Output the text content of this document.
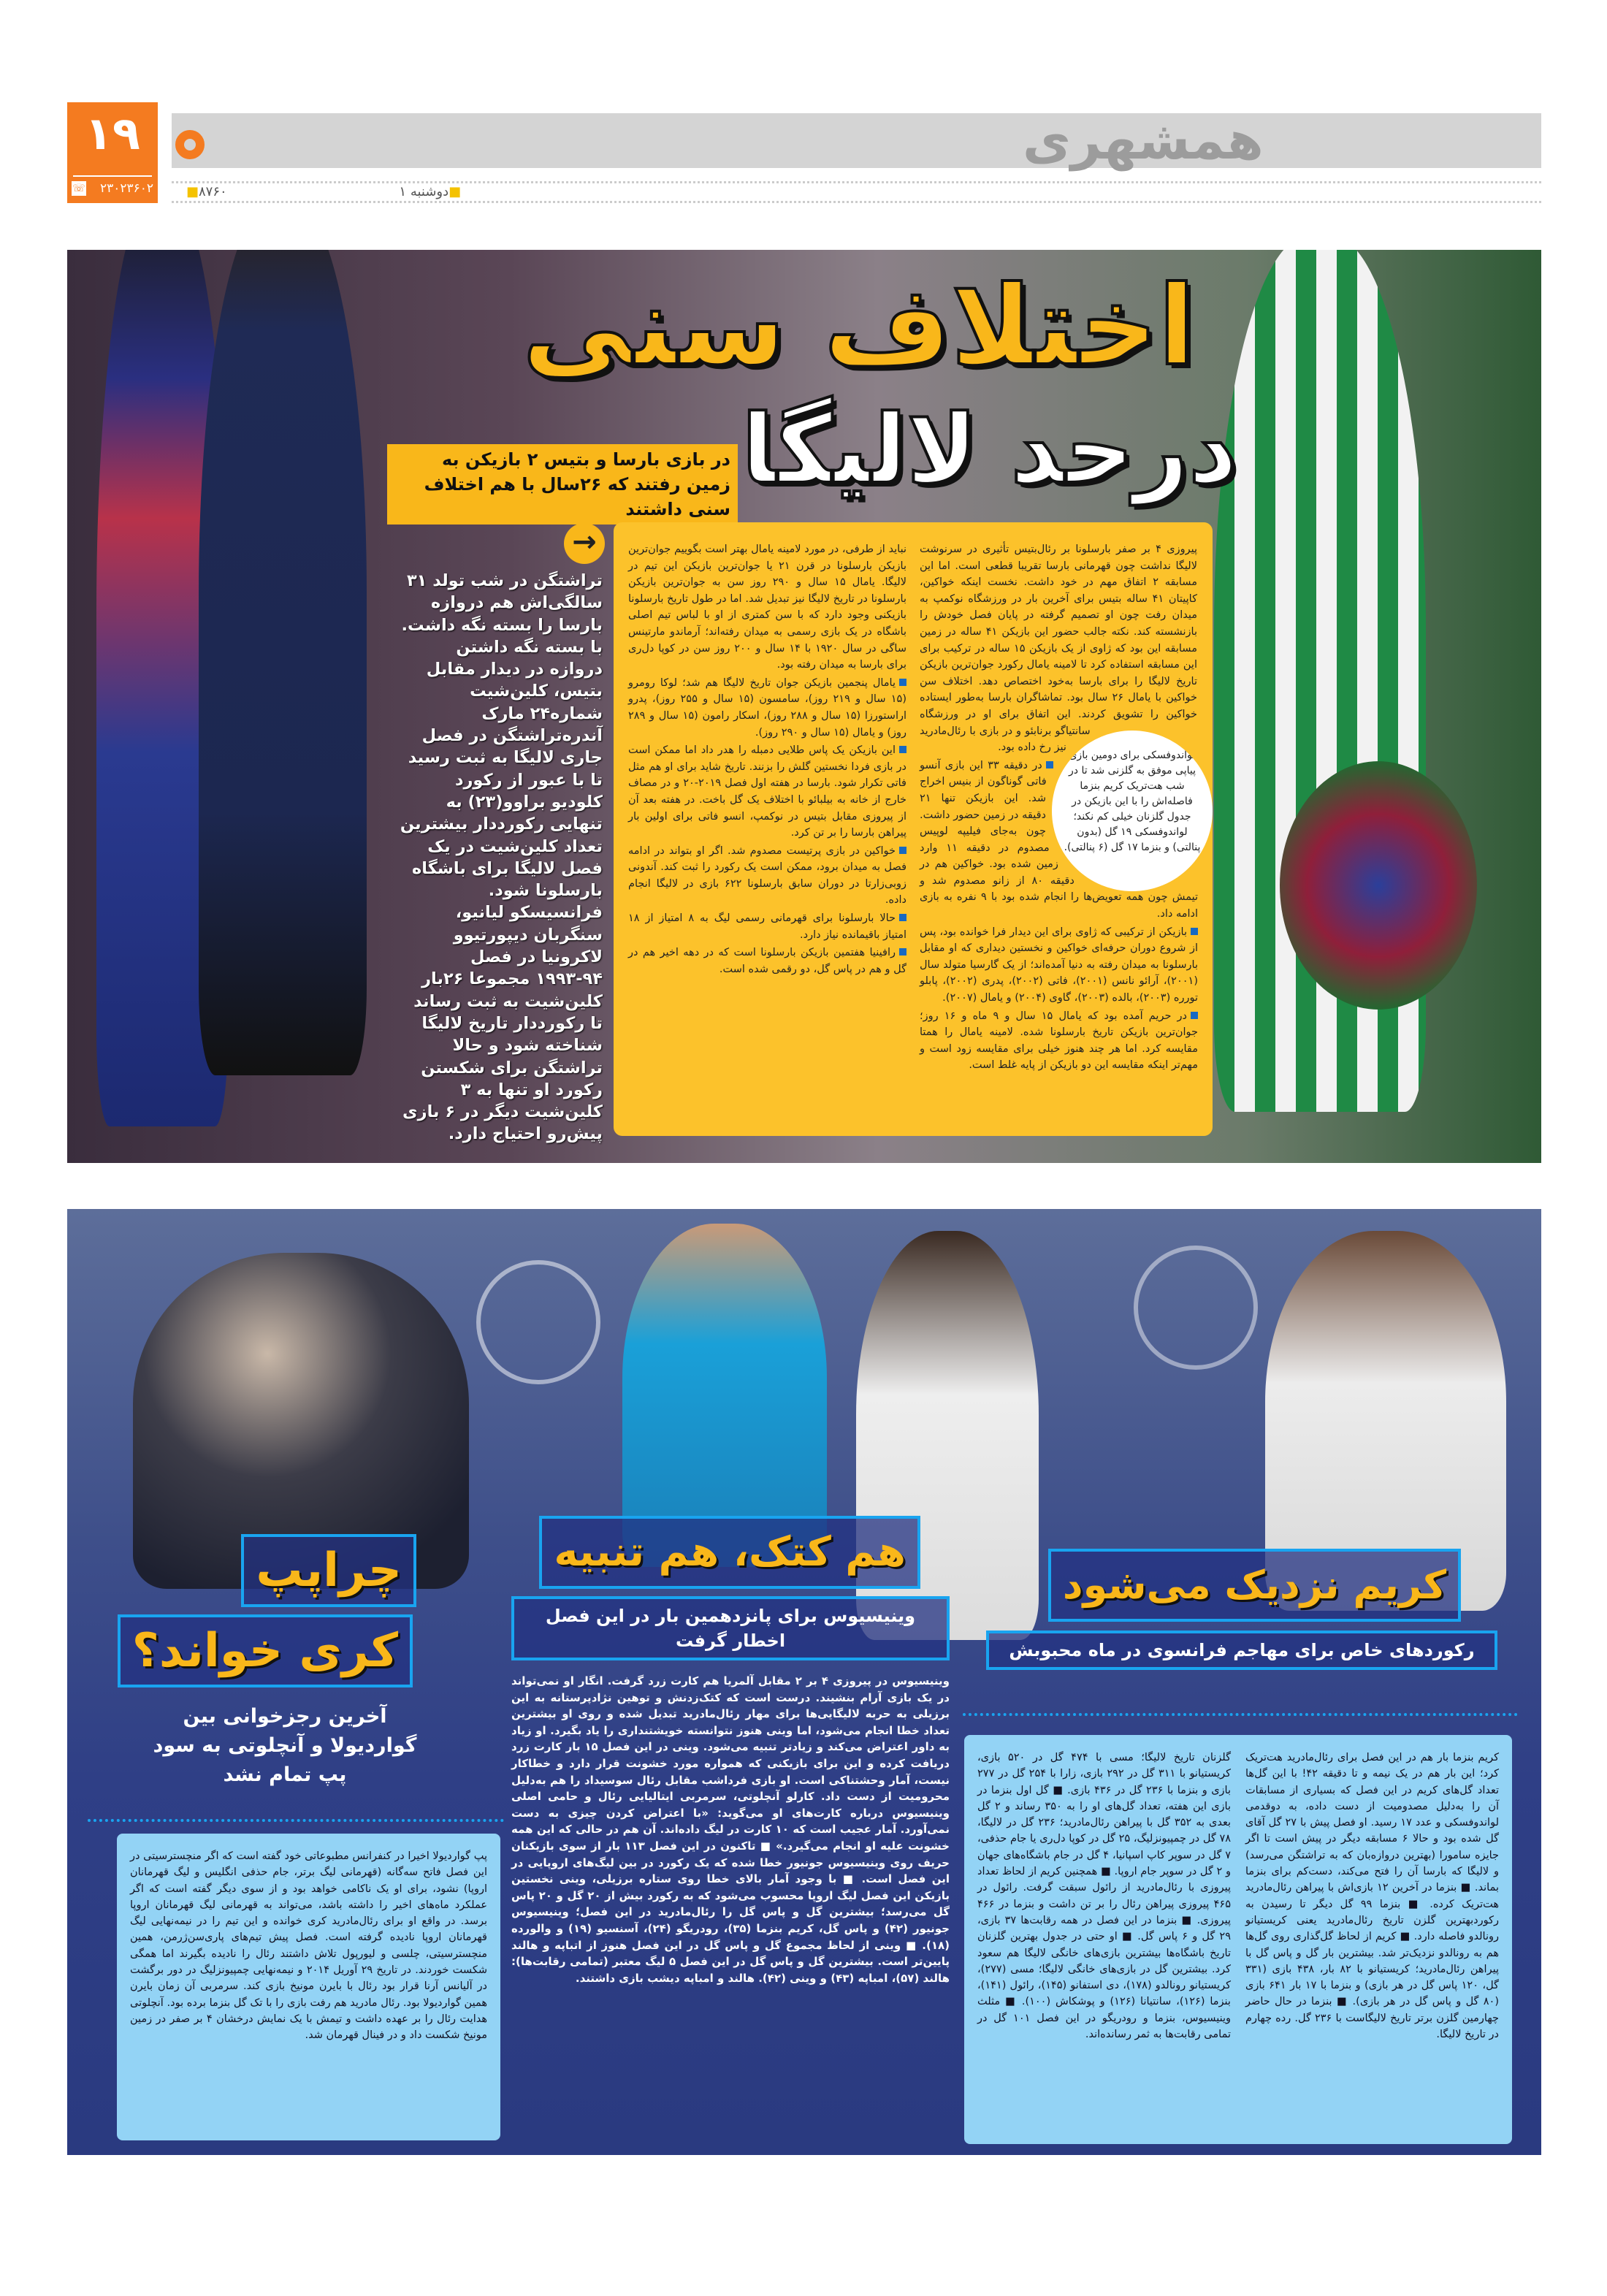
۱۹
☏ ۲۳۰۲۳۶۰۲
همشهری
■۸۷۶۰	دوشنبه ۱■
اختلاف سنی
درحد لالیگا
در بازی بارسا و بتیس ۲ بازیکن به زمین رفتند که ۲۶سال با هم اختلاف سنی داشتند
→
تراشتگن در شب تولد ۳۱ سالگی‌اش هم دروازه بارسا را بسته نگه داشت. با بسته نگه داشتن دروازه در دیدار مقابل بتیس، کلین‌شیت شماره۲۴ مارک آندره‌تراشتگن در فصل جاری لالیگا به ثبت رسید تا با عبور از رکورد کلودیو براوو(۲۳) به تنهایی رکورددار بیشترین تعداد کلین‌شیت در یک فصل لالیگا برای باشگاه بارسلونا شود. فرانسیسکو لیانیو، سنگربان دیپورتیوو لاکرونیا در فصل ۹۴-۱۹۹۳ مجموعا ۲۶بار کلین‌شیت به ثبت رساند تا رکورددار تاریخ لالیگا شناخته شود و حالا تراشتگن برای شکستن رکورد او تنها به ۳ کلین‌شیت دیگر در ۶ بازی پیش‌رو احتیاج دارد.
لواندوفسکی برای دومین بازی پیاپی موفق به گلزنی شد تا در شب هت‌تریک کریم بنزما فاصله‌اش را با این بازیکن در جدول گلزنان خیلی کم نکند؛ لواندوفسکی ۱۹ گل (بدون پنالتی) و بنزما ۱۷ گل (۶ پنالتی).

پیروزی ۴ بر صفر بارسلونا بر رئال‌بتیس تأثیری در سرنوشت لالیگا نداشت چون قهرمانی بارسا تقریبا قطعی است. اما این مسابقه ۲ اتفاق مهم در خود داشت. نخست اینکه خواکین، کاپیتان ۴۱ ساله بتیس برای آخرین بار در ورزشگاه نوکمپ به میدان رفت چون او تصمیم گرفته در پایان فصل خودش را بازنشسته کند. نکته جالب حضور این بازیکن ۴۱ ساله در زمین مسابقه این بود که ژاوی از یک بازیکن ۱۵ ساله در ترکیب برای این مسابقه استفاده کرد تا لامینه یامال رکورد جوان‌ترین بازیکن تاریخ لالیگا را برای بارسا به‌خود اختصاص دهد. اختلاف سن خواکین با یامال ۲۶ سال بود. تماشاگران بارسا به‌طور ایستاده خواکین را تشویق کردند. این اتفاق برای او در ورزشگاه سانتیاگو برنابئو و در بازی با رئال‌مادرید نیز رخ داده بود.

در دقیقه ۳۳ این بازی آنسو فاتی گوناگون از بنیس اخراج شد. این بازیکن تنها ۲۱ دقیقه در زمین حضور داشت. چون به‌جای فیلیپه لوپیس مصدوم در دقیقه ۱۱ وارد زمین شده بود. خواکین هم در دقیقه ۸۰ از زانو مصدوم شد و تیمش چون همه تعویض‌ها را انجام شده بود با ۹ نفره به بازی ادامه داد.

بازیکن از ترکیبی که ژاوی برای این دیدار فرا خوانده بود، پس از شروع دوران حرفه‌ای خواکین و نخستین دیداری که او مقابل بارسلونا به میدان رفته به دنیا آمده‌اند؛ از یک گارسیا متولد سال (۲۰۰۱)، آرائو نانس (۲۰۰۱)، فاتی (۲۰۰۲)، پدری (۲۰۰۲)، پابلو تورره (۲۰۰۳)، بالده (۲۰۰۳)، گاوی (۲۰۰۴) و یامال (۲۰۰۷).

در حریم آمده بود که یامال ۱۵ سال و ۹ ماه و ۱۶ روز؛ جوان‌ترین بازیکن تاریخ بارسلونا شده. لامینه یامال را همتا مقایسه کرد. اما هر چند هنوز خیلی برای مقایسه زود است و مهم‌تر اینکه مقایسه این دو بازیکن از پایه غلط است.

نباید از طرفی، در مورد لامینه یامال بهتر است بگوییم جوان‌ترین بازیکن بارسلونا در قرن ۲۱ یا جوان‌ترین بازیکن این تیم در لالیگا. یامال ۱۵ سال و ۲۹۰ روز سن به جوان‌ترین بازیکن بارسلونا در تاریخ لالیگا نیز تبدیل شد. اما در طول تاریخ بارسلونا بازیکنی وجود دارد که با سن کمتری از او با لباس تیم اصلی باشگاه در یک بازی رسمی به میدان رفته‌اند؛ آرماندو مارتینس ساگی در سال ۱۹۲۰ با ۱۴ سال و ۲۰۰ روز سن در کوپا دل‌ری برای بارسا به میدان رفته بود.

یامال پنجمین بازیکن جوان تاریخ لالیگا هم شد؛ لوکا رومرو (۱۵ سال و ۲۱۹ روز)، سامسون (۱۵ سال و ۲۵۵ روز)، پدرو اراستورزا (۱۵ سال و ۲۸۸ روز)، اسکار رامون (۱۵ سال و ۲۸۹ روز) و یامال (۱۵ سال و ۲۹۰ روز).

این بازیکن یک پاس طلایی دمبله را هدر داد اما ممکن است در بازی فردا نخستین گلش را بزنند. تاریخ شاید برای او هم مثل فاتی تکرار شود. بارسا در هفته اول فصل ۲۰۱۹-۲۰ و در مصاف خارج از خانه به بیلبائو با اختلاف یک گل باخت. در هفته بعد آن از پیروزی مقابل بتیس در نوکمپ، انسو فاتی برای اولین بار پیراهن بارسا را بر تن کرد.

خواکین در بازی پرتیست مصدوم شد. اگر او بتواند در ادامه فصل به میدان برود، ممکن است یک رکورد را ثبت کند. آندونی زوبی‌زارتا در دوران سابق بارسلونا ۶۲۲ بازی در لالیگا انجام داده.

حالا بارسلونا برای قهرمانی رسمی لیگ به ۸ امتیاز از ۱۸ امتیاز باقیمانده نیاز دارد.

رافینیا هفتمین بازیکن بارسلونا است که در دهه اخیر هم در گل و هم در پاس گل، دو رقمی شده است.

چراپپ
کری خواند؟
آخرین رجزخوانی بین گواردیولا و آنچلوتی به سود پپ تمام نشد
هم کتک، هم تنبیه
وینیسیوس برای پانزدهمین بار در این فصل اخطار گرفت
وینیسیوس در پیروزی ۴ بر ۲ مقابل آلمریا هم کارت زرد گرفت. انگار او نمی‌تواند در یک بازی آرام بنشیند. درست است که کتک‌زدنش و توهین نژادپرستانه به این برزیلی به حربه لالیگایی‌ها برای مهار رئال‌مادرید تبدیل شده و روی او بیشترین تعداد خطا انجام می‌شود، اما وینی هنوز نتوانسته خویشتنداری را یاد بگیرد. او زیاد به داور اعتراض می‌کند و زیادتر تنبیه می‌شود. وینی در این فصل ۱۵ بار کارت زرد دریافت کرده و این برای بازیکنی که همواره مورد خشونت قرار دارد و خطاکار نیست، آمار وحشتناکی است. او بازی فرداشب مقابل رئال سوسیداد را هم به‌دلیل محرومیت از دست داد. کارلو آنچلوتی، سرمربی ایتالیایی رئال و حامی اصلی وینیسیوس درباره کارت‌های او می‌گوید: «با اعتراض کردن چیزی به دست نمی‌آورد. آمار عجیب است که ۱۰ کارت در لیگ داده‌اند. آن هم در حالی که این همه خشونت علیه او انجام می‌گیرد.» ■ تاکنون در این فصل ۱۱۳ بار از سوی بازیکنان حریف روی وینیسیوس جونیور خطا شده که یک رکورد در بین لیگ‌های اروپایی در این فصل است. ■ با وجود آمار بالای خطا روی ستاره برزیلی، وینی نخستین بازیکن این فصل لیگ اروپا محسوب می‌شود که به رکورد بیش از ۲۰ گل و ۲۰ پاس گل می‌رسد؛ بیشترین گل و پاس گل را رئال‌مادرید در این فصل؛ وینیسیوس جونیور (۴۲) و پاس گل، کریم بنزما (۳۵)، رودریگو (۲۴)، آسنسیو (۱۹) و والورده (۱۸). ■ وینی از لحاظ مجموع گل و پاس گل در این فصل هنوز از اتباپه و هالند پایین‌تر است. بیشترین گل و پاس گل در این فصل ۵ لیگ معتبر (تمامی رقابت‌ها): هالند (۵۷)، امباپه (۴۳) و وینی (۴۲). هالند و امباپه دیشب بازی داشتند.
کریم نزدیک می‌شود
رکوردهای خاص برای مهاجم فرانسوی در ماه محبوبش
کریم بنزما بار هم در این فصل برای رئال‌مادرید هت‌تریک کرد؛ این بار هم در یک نیمه و تا دقیقه ۴۲! با این گل‌ها تعداد گل‌های کریم در این فصل که بسیاری از مسابقات آن را به‌دلیل مصدومیت از دست داده، به دوقدمی لواندوفسکی و عدد ۱۷ رسید. او فصل پیش با ۲۷ گل آقای گل شده بود و حالا ۶ مسابقه دیگر در پیش است تا اگر جایزه سامورا (بهترین دروازه‌بان که به تراشتگن می‌رسد) و لالیگا که بارسا آن را فتح می‌کند، دست‌کم برای بنزما بماند. ■ بنزما در آخرین ۱۲ بازی‌اش با پیراهن رئال‌مادرید هت‌تریک کرده. ■ بنزما ۹۹ گل دیگر تا رسیدن به رکوردبهترین گلزن تاریخ رئال‌مادرید یعنی کریستیانو رونالدو فاصله دارد. ■ کریم از لحاظ گل‌گذاری روی گل‌ها هم به رونالدو نزدیک‌تر شد. بیشترین بار گل و پاس گل با پیراهن رئال‌مادرید؛ کریستیانو با ۸۲ بار، ۴۳۸ بازی (۳۳۱ گل، ۱۲۰ پاس گل در هر بازی) و بنزما با ۱۷ بار ۶۴۱ بازی (۸۰ گل و پاس گل در هر بازی). ■ بنزما در حال حاضر چهارمین گلزن برتر تاریخ لالیگاست با ۲۳۶ گل. رده چهارم در تاریخ لالیگا.
گلزنان تاریخ لالیگا؛ مسی با ۴۷۴ گل در ۵۲۰ بازی، کریستیانو با ۳۱۱ گل در ۲۹۲ بازی، زارا با ۲۵۴ گل در ۲۷۷ بازی و بنزما با ۲۳۶ گل در ۴۳۶ بازی. ■ گل اول بنزما در بازی این هفته، تعداد گل‌های او را به ۳۵۰ رساند و ۲ گل بعدی به ۳۵۲ گل با پیراهن رئال‌مادرید؛ ۲۳۶ گل در لالیگا، ۷۸ گل در چمپیونزلیگ، ۲۵ گل در کوپا دل‌ری یا جام حذفی، ۷ گل در سوپر کاپ اسپانیا، ۴ گل در جام باشگاه‌های جهان و ۲ گل در سوپر جام اروپا. ■ همچنین کریم از لحاظ تعداد پیروزی با رئال‌مادرید از رائول سبقت گرفت. رائول در ۴۶۵ پیروزی پیراهن رئال را بر تن داشت و بنزما در ۴۶۶ پیروزی. ■ بنزما در این فصل در همه رقابت‌ها ۳۷ بازی، ۲۹ گل و ۶ پاس گل. ■ او حتی در جدول بهترین گلزنان تاریخ باشگاه‌ها بیشترین بازی‌های خانگی لالیگا هم سعود کرد. بیشترین گل در بازی‌های خانگی لالیگا؛ مسی (۲۷۷)، کریستیانو رونالدو (۱۷۸)، دی استفانو (۱۴۵)، رائول (۱۴۱)، بنزما (۱۲۶)، سانتیانا (۱۲۶) و پوشکاش (۱۰۰). ■ مثلث وینیسیوس، بنزما و رودریگو در این فصل ۱۰۱ گل در تمامی رقابت‌ها به ثمر رسانده‌اند.
پپ گواردیولا اخیرا در کنفرانس مطبوعاتی خود گفته است که اگر منچسترسیتی در این فصل فاتح سه‌گانه (قهرمانی لیگ برتر، جام حذفی انگلیس و لیگ قهرمانان اروپا) نشود، برای او یک ناکامی خواهد بود و از سوی دیگر گفته است که اگر عملکرد ماه‌های اخیر را داشته باشد، می‌تواند به قهرمانی لیگ قهرمانان اروپا برسد. در واقع او برای رئال‌مادرید کری خوانده و این تیم را در نیمه‌نهایی لیگ قهرمانان اروپا نادیده گرفته است. فصل پیش تیم‌های پاری‌سن‌ژرمن، همین منچسترسیتی، چلسی و لیورپول تلاش داشتند رئال را نادیده بگیرند اما همگی شکست خوردند. در تاریخ ۲۹ آوریل ۲۰۱۴ و نیمه‌نهایی چمپیونزلیگ در دور برگشت در آلیانس آرنا قرار بود رئال با بایرن مونیخ بازی کند. سرمربی آن زمان بایرن همین گواردیولا بود. رئال مادرید هم رفت بازی را با تک گل بنزما برده بود. آنچلوتی هدایت رئال را بر عهده داشت و تیمش با یک نمایش درخشان ۴ بر صفر در زمین مونیخ شکست داد و در فینال قهرمان شد.
